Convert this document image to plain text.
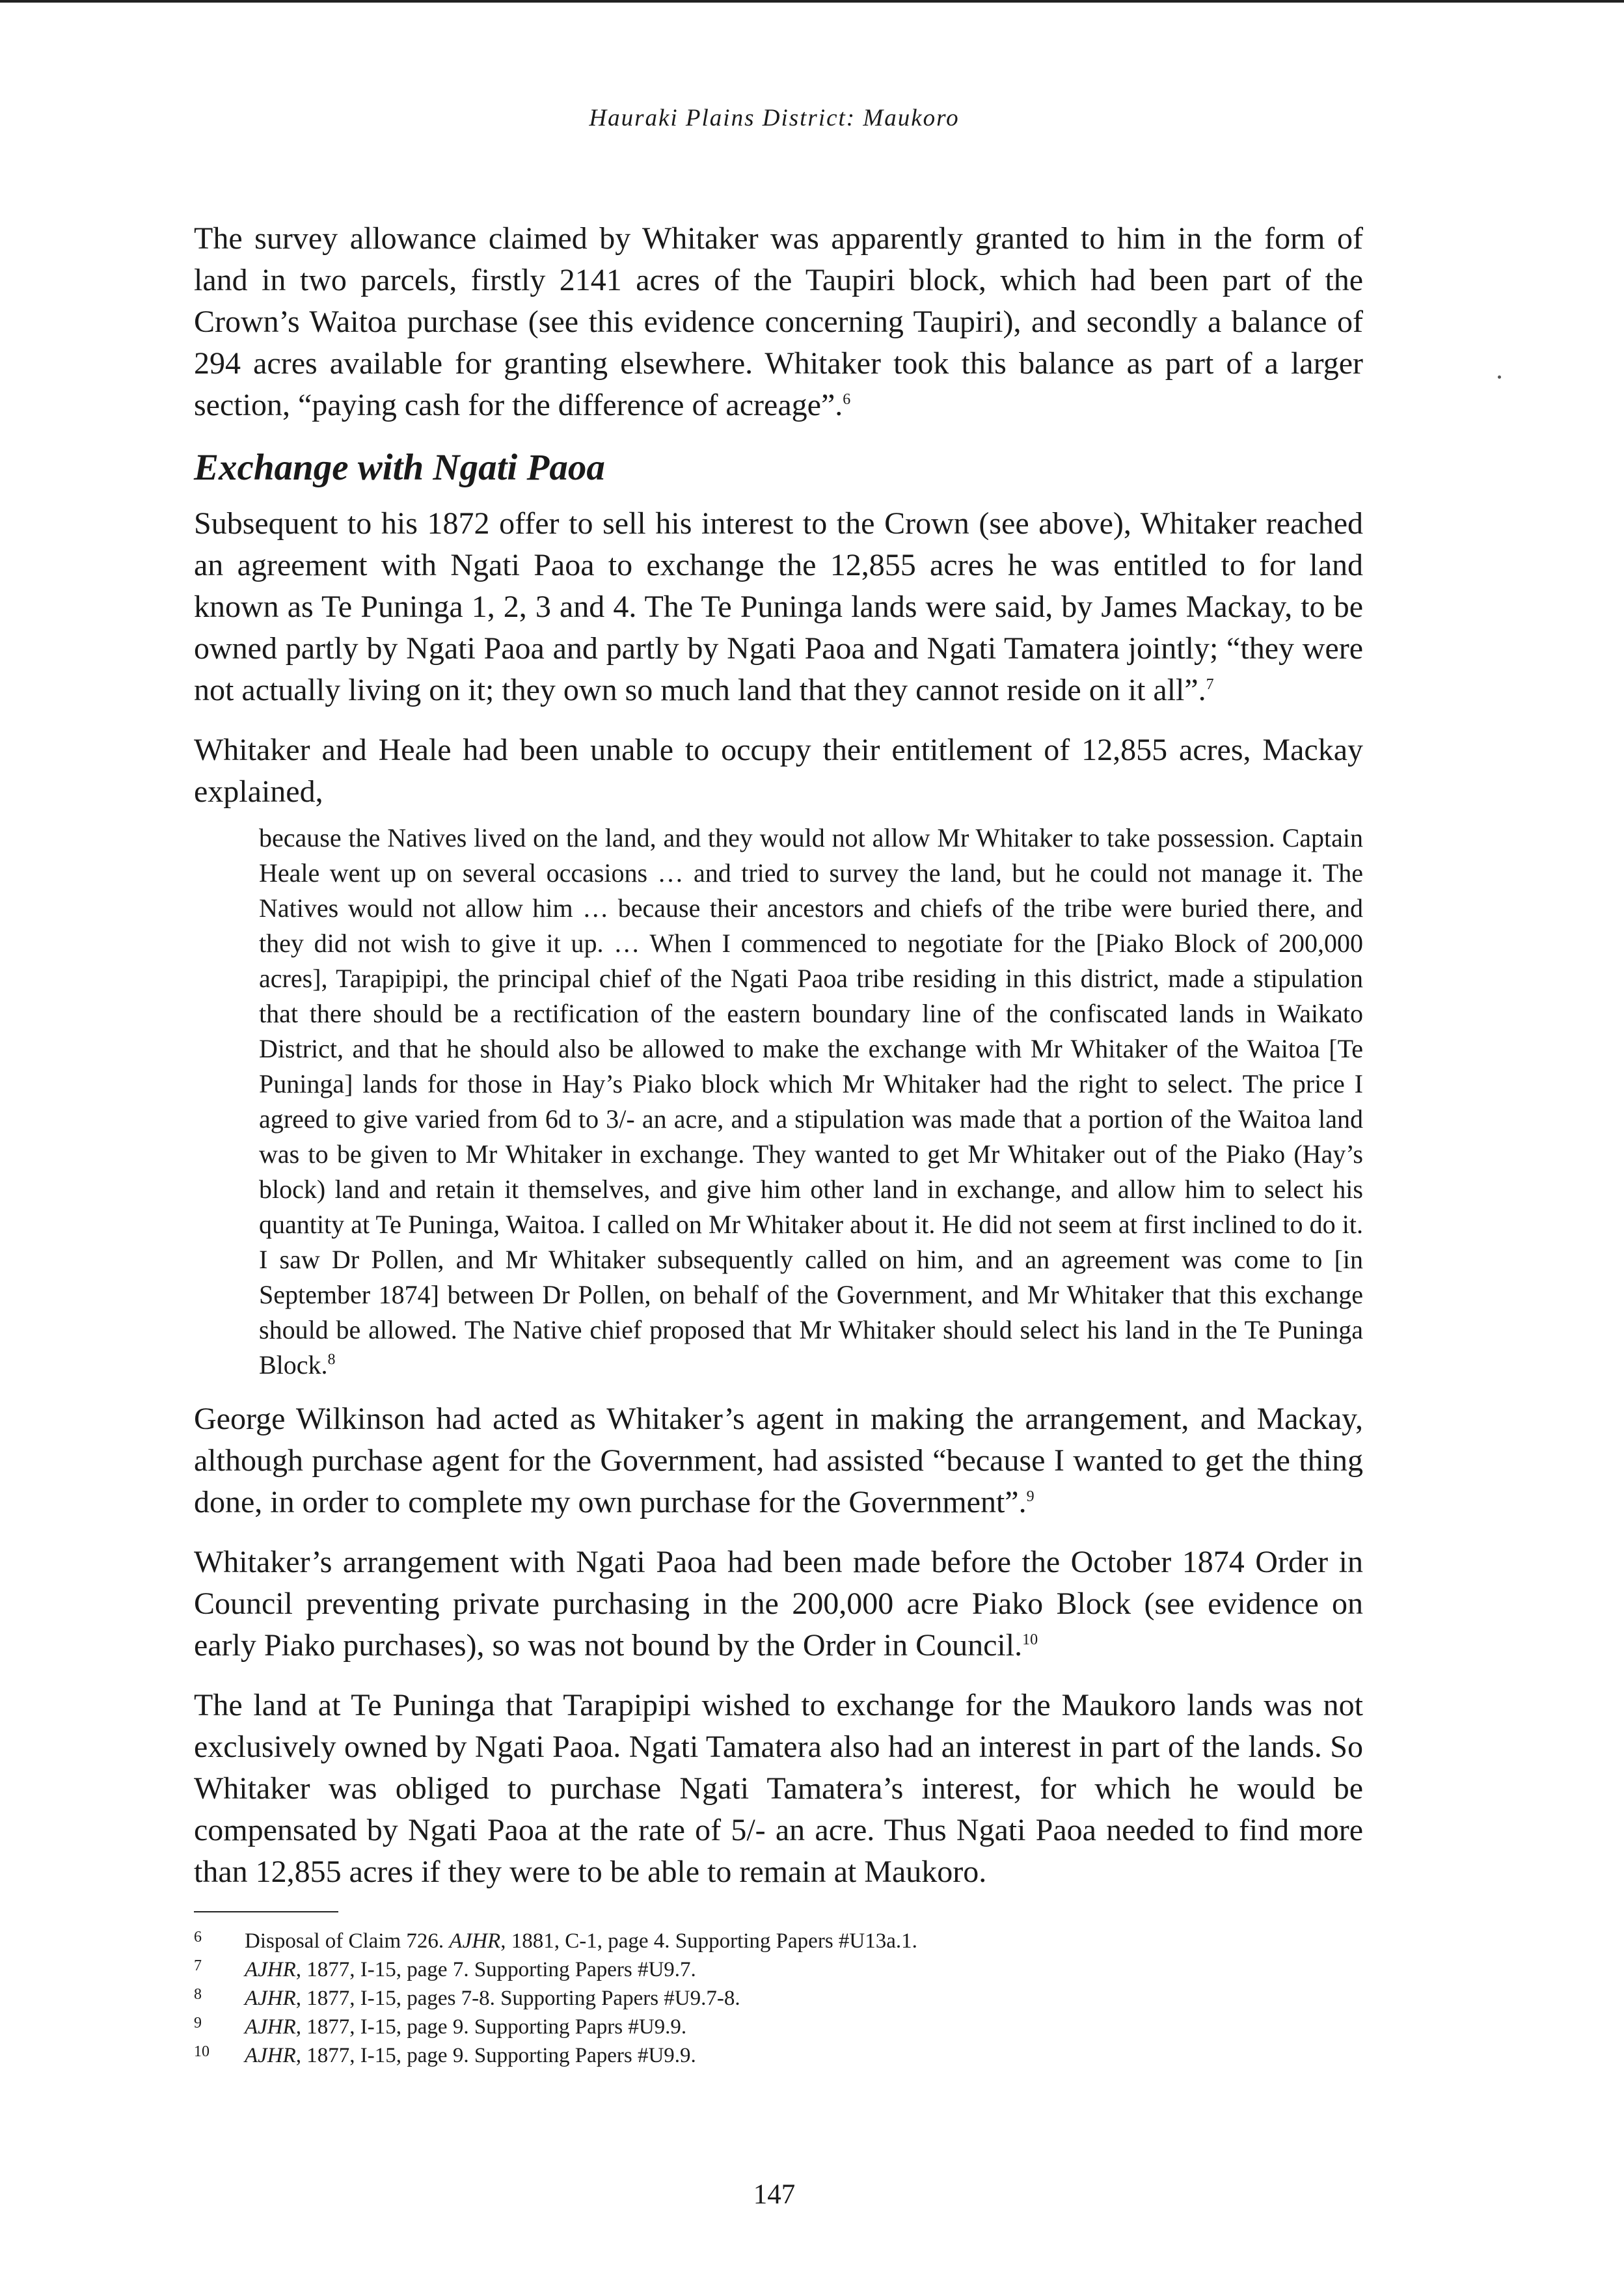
Hauraki Plains District: Maukoro

The survey allowance claimed by Whitaker was apparently granted to him in the form of land in two parcels, firstly 2141 acres of the Taupiri block, which had been part of the Crown’s Waitoa purchase (see this evidence concerning Taupiri), and secondly a balance of 294 acres available for granting elsewhere. Whitaker took this balance as part of a larger section, “paying cash for the difference of acreage”.$^6$

Exchange with Ngati Paoa

Subsequent to his 1872 offer to sell his interest to the Crown (see above), Whitaker reached an agreement with Ngati Paoa to exchange the 12,855 acres he was entitled to for land known as Te Puninga 1, 2, 3 and 4. The Te Puninga lands were said, by James Mackay, to be owned partly by Ngati Paoa and partly by Ngati Paoa and Ngati Tamatera jointly; “they were not actually living on it; they own so much land that they cannot reside on it all”.$^7$

Whitaker and Heale had been unable to occupy their entitlement of 12,855 acres, Mackay explained,

because the Natives lived on the land, and they would not allow Mr Whitaker to take possession. Captain Heale went up on several occasions … and tried to survey the land, but he could not manage it. The Natives would not allow him … because their ancestors and chiefs of the tribe were buried there, and they did not wish to give it up. … When I commenced to negotiate for the [Piako Block of 200,000 acres], Tarapipipi, the principal chief of the Ngati Paoa tribe residing in this district, made a stipulation that there should be a rectification of the eastern boundary line of the confiscated lands in Waikato District, and that he should also be allowed to make the exchange with Mr Whitaker of the Waitoa [Te Puninga] lands for those in Hay’s Piako block which Mr Whitaker had the right to select. The price I agreed to give varied from 6d to 3/- an acre, and a stipulation was made that a portion of the Waitoa land was to be given to Mr Whitaker in exchange. They wanted to get Mr Whitaker out of the Piako (Hay’s block) land and retain it themselves, and give him other land in exchange, and allow him to select his quantity at Te Puninga, Waitoa. I called on Mr Whitaker about it. He did not seem at first inclined to do it. I saw Dr Pollen, and Mr Whitaker subsequently called on him, and an agreement was come to [in September 1874] between Dr Pollen, on behalf of the Government, and Mr Whitaker that this exchange should be allowed. The Native chief proposed that Mr Whitaker should select his land in the Te Puninga Block.$^8$

George Wilkinson had acted as Whitaker’s agent in making the arrangement, and Mackay, although purchase agent for the Government, had assisted “because I wanted to get the thing done, in order to complete my own purchase for the Government”.$^9$

Whitaker’s arrangement with Ngati Paoa had been made before the October 1874 Order in Council preventing private purchasing in the 200,000 acre Piako Block (see evidence on early Piako purchases), so was not bound by the Order in Council.$^{10}$

The land at Te Puninga that Tarapipipi wished to exchange for the Maukoro lands was not exclusively owned by Ngati Paoa. Ngati Tamatera also had an interest in part of the lands. So Whitaker was obliged to purchase Ngati Tamatera’s interest, for which he would be compensated by Ngati Paoa at the rate of 5/- an acre. Thus Ngati Paoa needed to find more than 12,855 acres if they were to be able to remain at Maukoro.

6	Disposal of Claim 726. AJHR, 1881, C-1, page 4. Supporting Papers #U13a.1.
7	AJHR, 1877, I-15, page 7. Supporting Papers #U9.7.
8	AJHR, 1877, I-15, pages 7-8. Supporting Papers #U9.7-8.
9	AJHR, 1877, I-15, page 9. Supporting Paprs #U9.9.
10	AJHR, 1877, I-15, page 9. Supporting Papers #U9.9.
147
